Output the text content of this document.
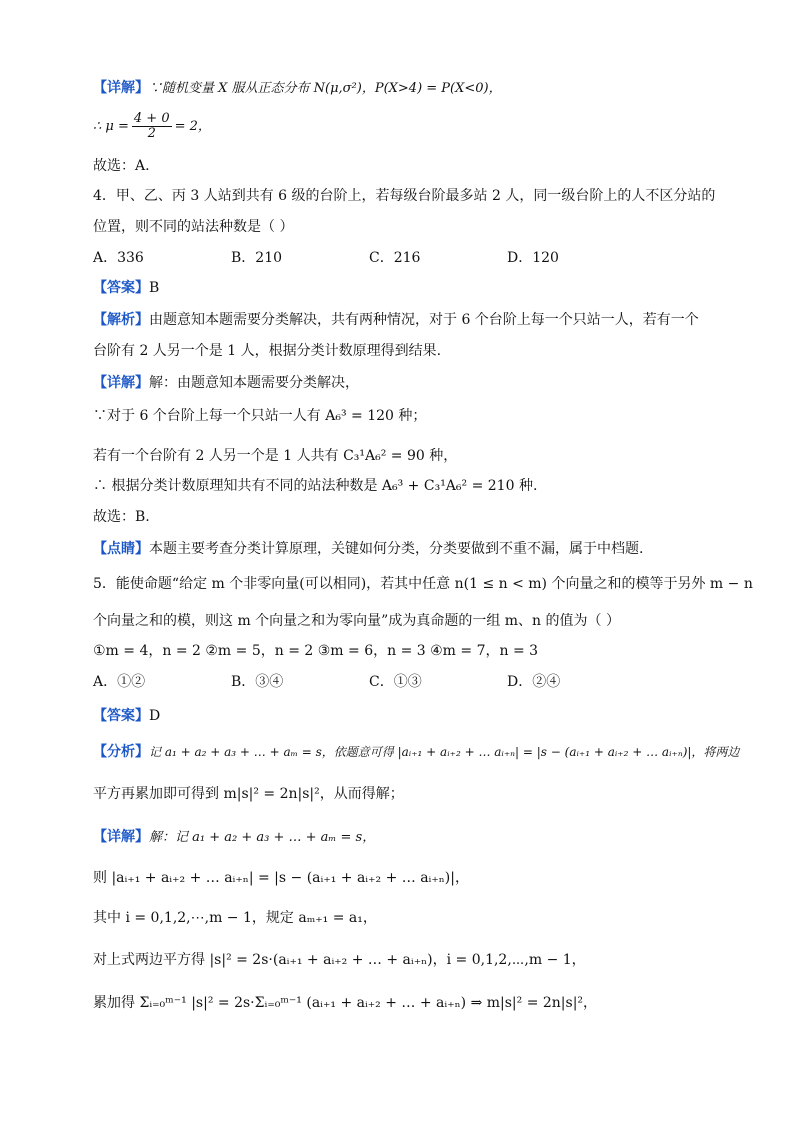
【详解】∵随机变量 X 服从正态分布 N(μ,σ²)，P(X>4) = P(X<0)，
∴ $\mu = \frac{4 + 0}{2} = 2$，
故选：A.
4．甲、乙、丙 3 人站到共有 6 级的台阶上，若每级台阶最多站 2 人，同一级台阶上的人不区分站的
位置，则不同的站法种数是（ ）
A．336	B．210	C．216	D．120
【答案】B
【解析】由题意知本题需要分类解决，共有两种情况，对于 6 个台阶上每一个只站一人，若有一个
台阶有 2 人另一个是 1 人，根据分类计数原理得到结果.
【详解】解：由题意知本题需要分类解决，
∵对于 6 个台阶上每一个只站一人有 A₆³ = 120 种；
若有一个台阶有 2 人另一个是 1 人共有 C₃¹A₆² = 90 种，
∴ 根据分类计数原理知共有不同的站法种数是 A₆³ + C₃¹A₆² = 210 种.
故选：B.
【点睛】本题主要考查分类计算原理，关键如何分类，分类要做到不重不漏，属于中档题.
5．能使命题“给定 m 个非零向量(可以相同)，若其中任意 n(1 ≤ n < m) 个向量之和的模等于另外 m − n
个向量之和的模，则这 m 个向量之和为零向量”成为真命题的一组 m、n 的值为（ ）
①m = 4，n = 2 ②m = 5，n = 2 ③m = 6，n = 3 ④m = 7，n = 3
A．①②	B．③④	C．①③	D．②④
【答案】D
【分析】记 a₁ + a₂ + a₃ + … + aₘ = s，依题意可得 |aᵢ₊₁ + aᵢ₊₂ + … aᵢ₊ₙ| = |s − (aᵢ₊₁ + aᵢ₊₂ + … aᵢ₊ₙ)|，将两边
平方再累加即可得到 m|s|² = 2n|s|²，从而得解；
【详解】解：记 a₁ + a₂ + a₃ + … + aₘ = s，
则 |aᵢ₊₁ + aᵢ₊₂ + … aᵢ₊ₙ| = |s − (aᵢ₊₁ + aᵢ₊₂ + … aᵢ₊ₙ)|，
其中 i = 0,1,2,⋯,m − 1，规定 aₘ₊₁ = a₁，
对上式两边平方得 |s|² = 2s·(aᵢ₊₁ + aᵢ₊₂ + … + aᵢ₊ₙ)，i = 0,1,2,⋯,m − 1，
累加得 Σᵢ₌₀ᵐ⁻¹ |s|² = 2s·Σᵢ₌₀ᵐ⁻¹ (aᵢ₊₁ + aᵢ₊₂ + … + aᵢ₊ₙ) ⇒ m|s|² = 2n|s|²，
